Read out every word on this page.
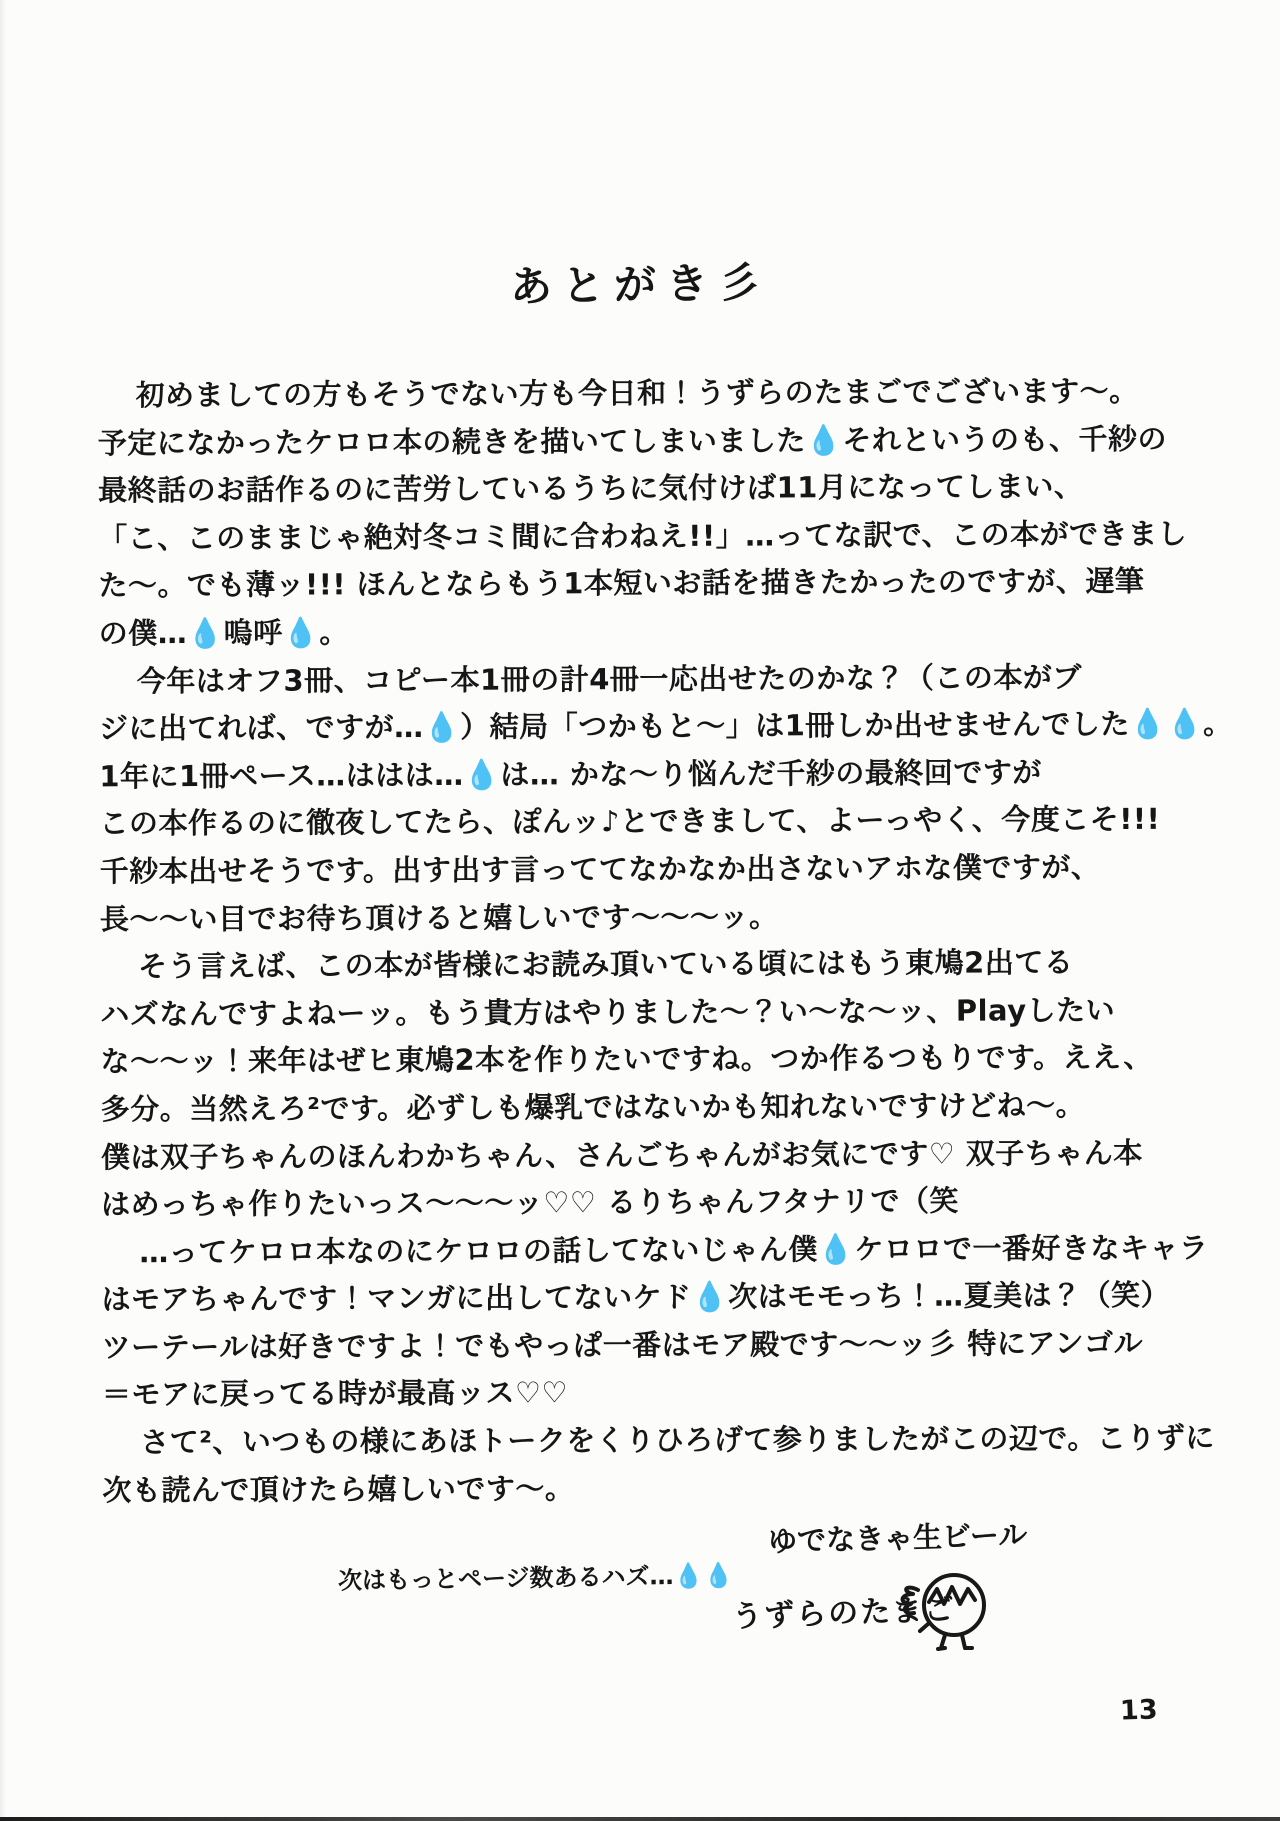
あとがき彡
初めましての方もそうでない方も今日和！うずらのたまごでございます〜。
予定になかったケロロ本の続きを描いてしまいました💧それというのも、千紗の
最終話のお話作るのに苦労しているうちに気付けば11月になってしまい、
「こ、このままじゃ絶対冬コミ間に合わねえ!!」…ってな訳で、この本ができまし
た〜。でも薄ッ!!! ほんとならもう1本短いお話を描きたかったのですが、遅筆
の僕…💧嗚呼💧。
今年はオフ3冊、コピー本1冊の計4冊一応出せたのかな？（この本がブ
ジに出てれば、ですが…💧）結局「つかもと〜」は1冊しか出せませんでした💧💧。
1年に1冊ペース…ははは…💧は… かな〜り悩んだ千紗の最終回ですが
この本作るのに徹夜してたら、ぽんッ♪とできまして、よーっやく、今度こそ!!!
千紗本出せそうです。出す出す言っててなかなか出さないアホな僕ですが、
長〜〜い目でお待ち頂けると嬉しいです〜〜〜ッ。
そう言えば、この本が皆様にお読み頂いている頃にはもう東鳩2出てる
ハズなんですよねーッ。もう貴方はやりました〜？い〜な〜ッ、Playしたい
な〜〜ッ！来年はぜヒ東鳩2本を作りたいですね。つか作るつもりです。ええ、
多分。当然えろ²です。必ずしも爆乳ではないかも知れないですけどね〜。
僕は双子ちゃんのほんわかちゃん、さんごちゃんがお気にです♡ 双子ちゃん本
はめっちゃ作りたいっス〜〜〜ッ♡♡ るりちゃんフタナリで（笑
…ってケロロ本なのにケロロの話してないじゃん僕💧ケロロで一番好きなキャラ
はモアちゃんです！マンガに出してないケド💧次はモモっち！…夏美は？（笑）
ツーテールは好きですよ！でもやっぱ一番はモア殿です〜〜ッ彡 特にアンゴル
＝モアに戻ってる時が最高ッス♡♡
さて²、いつもの様にあほトークをくりひろげて参りましたがこの辺で。こりずに
次も読んで頂けたら嬉しいです〜。
次はもっとページ数あるハズ…💧💧
ゆでなきゃ生ビール
うずらのたまご
13
